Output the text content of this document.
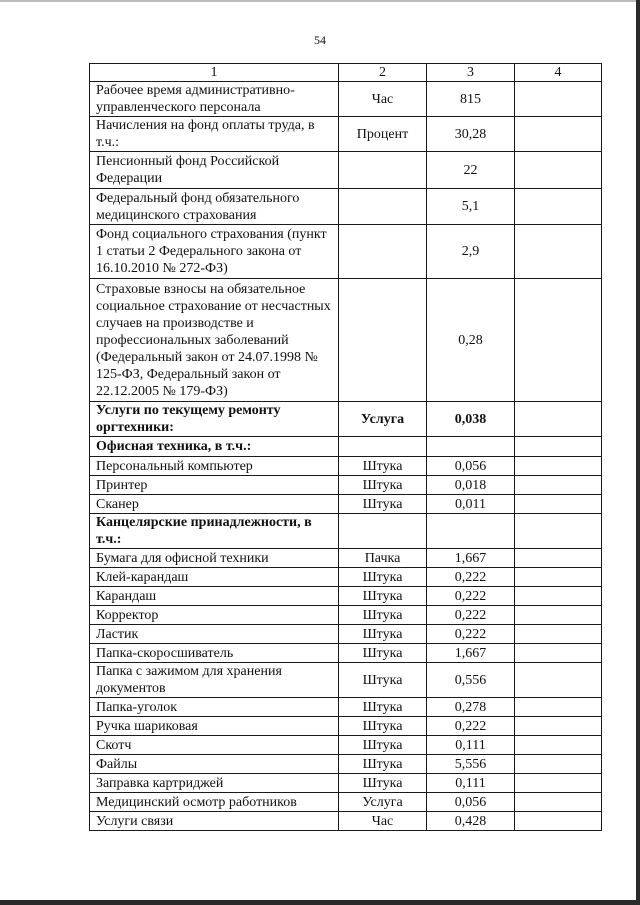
54
1	2	3	4
Рабочее время административно-управленческого персонала	Час	815	
Начисления на фонд оплаты труда, в т.ч.:	Процент	30,28	
Пенсионный фонд Российской Федерации		22	
Федеральный фонд обязательного медицинского страхования		5,1	
Фонд социального страхования (пункт 1 статьи 2 Федерального закона от 16.10.2010 № 272-ФЗ)		2,9	
Страховые взносы на обязательное социальное страхование от несчастных случаев на производстве и профессиональных заболеваний (Федеральный закон от 24.07.1998 № 125-ФЗ, Федеральный закон от 22.12.2005 № 179-ФЗ)		0,28	
Услуги по текущему ремонту оргтехники:	Услуга	0,038	
Офисная техника, в т.ч.:			
Персональный компьютер	Штука	0,056	
Принтер	Штука	0,018	
Сканер	Штука	0,011	
Канцелярские принадлежности, в т.ч.:			
Бумага для офисной техники	Пачка	1,667	
Клей-карандаш	Штука	0,222	
Карандаш	Штука	0,222	
Корректор	Штука	0,222	
Ластик	Штука	0,222	
Папка-скоросшиватель	Штука	1,667	
Папка с зажимом для хранения документов	Штука	0,556	
Папка-уголок	Штука	0,278	
Ручка шариковая	Штука	0,222	
Скотч	Штука	0,111	
Файлы	Штука	5,556	
Заправка картриджей	Штука	0,111	
Медицинский осмотр работников	Услуга	0,056	
Услуги связи	Час	0,428	
